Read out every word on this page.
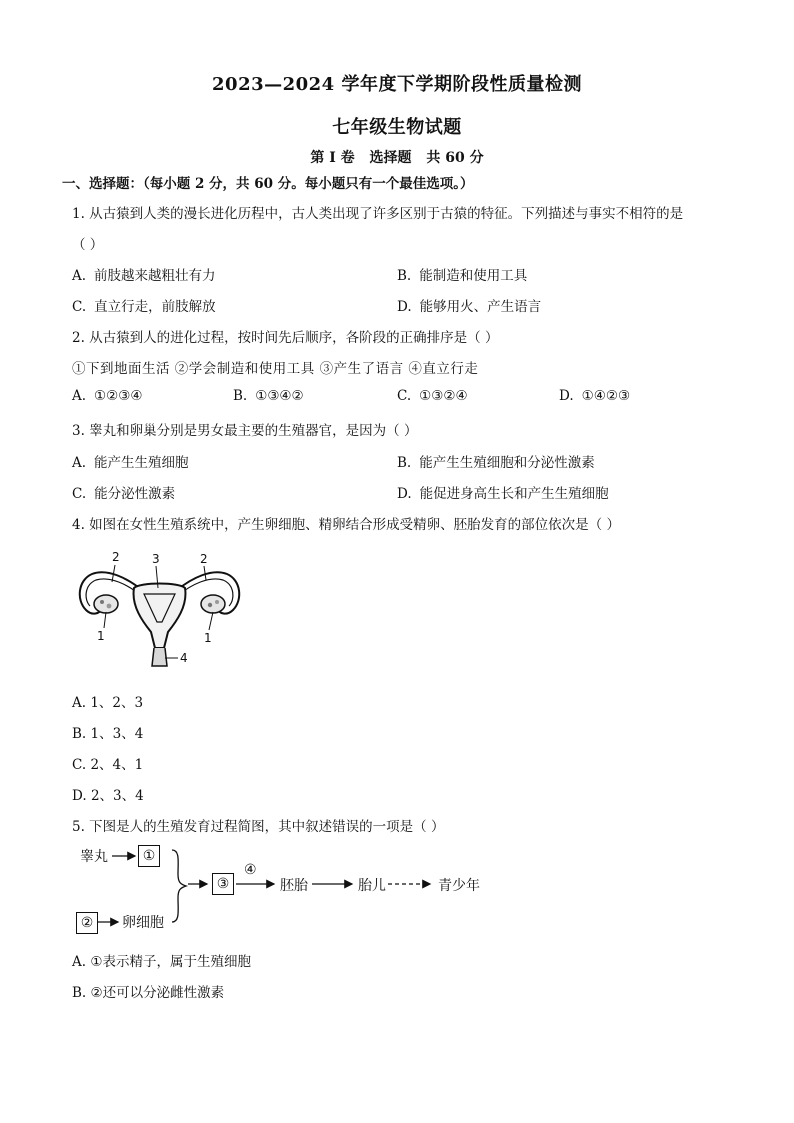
2023—2024 学年度下学期阶段性质量检测
七年级生物试题
第 I 卷 选择题 共 60 分
一、选择题：（每小题 2 分，共 60 分。每小题只有一个最佳选项。）
1. 从古猿到人类的漫长进化历程中，古人类出现了许多区别于古猿的特征。下列描述与事实不相符的是
（ ）
A. 前肢越来越粗壮有力	B. 能制造和使用工具
C. 直立行走，前肢解放	D. 能够用火、产生语言
2. 从古猿到人的进化过程，按时间先后顺序，各阶段的正确排序是（ ）
①下到地面生活 ②学会制造和使用工具 ③产生了语言 ④直立行走
A. ①②③④	B. ①③④②	C. ①③②④	D. ①④②③
3. 睾丸和卵巢分别是男女最主要的生殖器官，是因为（ ）
A. 能产生生殖细胞	B. 能产生生殖细胞和分泌性激素
C. 能分泌性激素	D. 能促进身高生长和产生生殖细胞
4. 如图在女性生殖系统中，产生卵细胞、精卵结合形成受精卵、胚胎发育的部位依次是（ ）
2	3	2
1	1
4
A. 1、2、3
B. 1、3、4
C. 2、4、1
D. 2、3、4
5. 下图是人的生殖发育过程简图，其中叙述错误的一项是（ ）
睾丸	①
②	卵细胞
③
④
胚胎	胎儿	青少年
A. ①表示精子，属于生殖细胞
B. ②还可以分泌雌性激素
